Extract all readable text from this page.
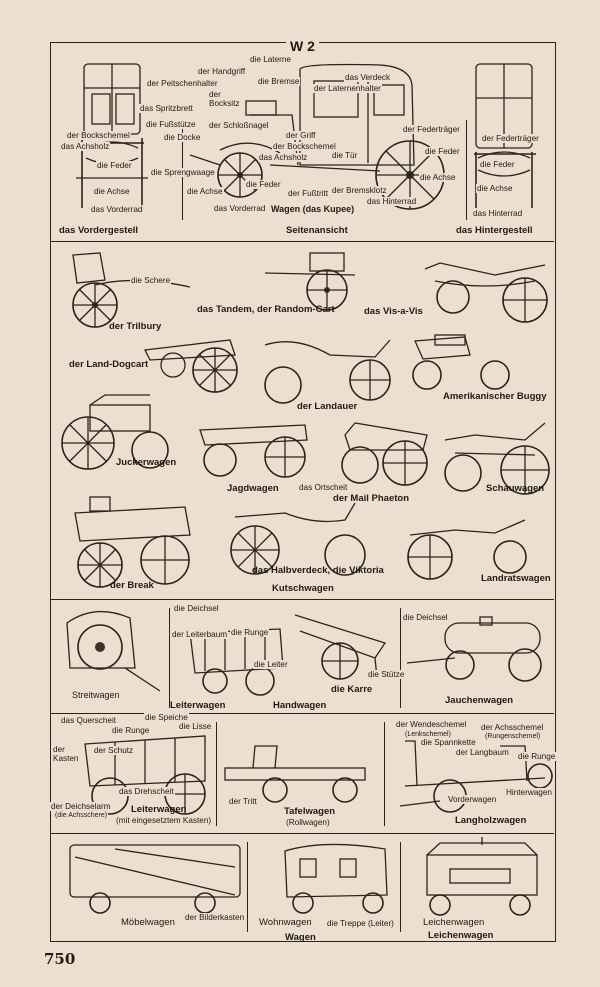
W 2
die Laterne
der Handgriff
das Verdeck
der Peitschenhalter	die Bremse
der Laternenhalter
der
Bocksitz
das Spritzbrett
die Fußstütze der Schloßnagel
der Bockschemel
das Achsholz
die Docke	der Griff
der Bockschemel
das Achsholz
die Feder
die Sprengwaage
die Tür
der Federträger
der Federträger
die Feder
die Feder
die Achse	die Achse
die Feder
der Fußtritt der Bremsklotz
die Achse
die Achse
das Vorderrad	das Vorderrad
das Hinterrad
das Hinterrad
Wagen (das Kupee)
das Vordergestell	Seitenansicht	das Hintergestell
die Schere
der Trilbury
das Tandem, der Random-Cart	das Vis-a-Vis
der Land-Dogcart
der Landauer
Amerikanischer Buggy
Juckerwagen
Jagdwagen das Ortscheit
der Mail Phaeton
Schauwagen
der Break
das Halbverdeck, die Viktoria
Landratswagen
Kutschwagen
Streitwagen
die Deichsel
der Leiterbaum die Runge
die Leiter
Leiterwagen	Handwagen
die Stütze
die Karre
die Deichsel
Jauchenwagen
das Querscheit	die Speiche
die Lisse
die Runge
der
Kasten
der Schutz
das Drehscheit
der Deichselarm
(die Achsschere)
Leiterwagen
(mit eingesetztem Kasten)
der Tritt
Tafelwagen
(Rollwagen)
der Wendeschemel
(Lenkschemel)
der Achsschemel
(Rungenschemel)
die Spannkette
der Langbaum die Runge
Vorderwagen
Hinterwagen
Langholzwagen
Möbelwagen der Bilderkasten Wohnwagen die Treppe (Leiter)	Leichenwagen
Leichenwagen
Wagen
750
